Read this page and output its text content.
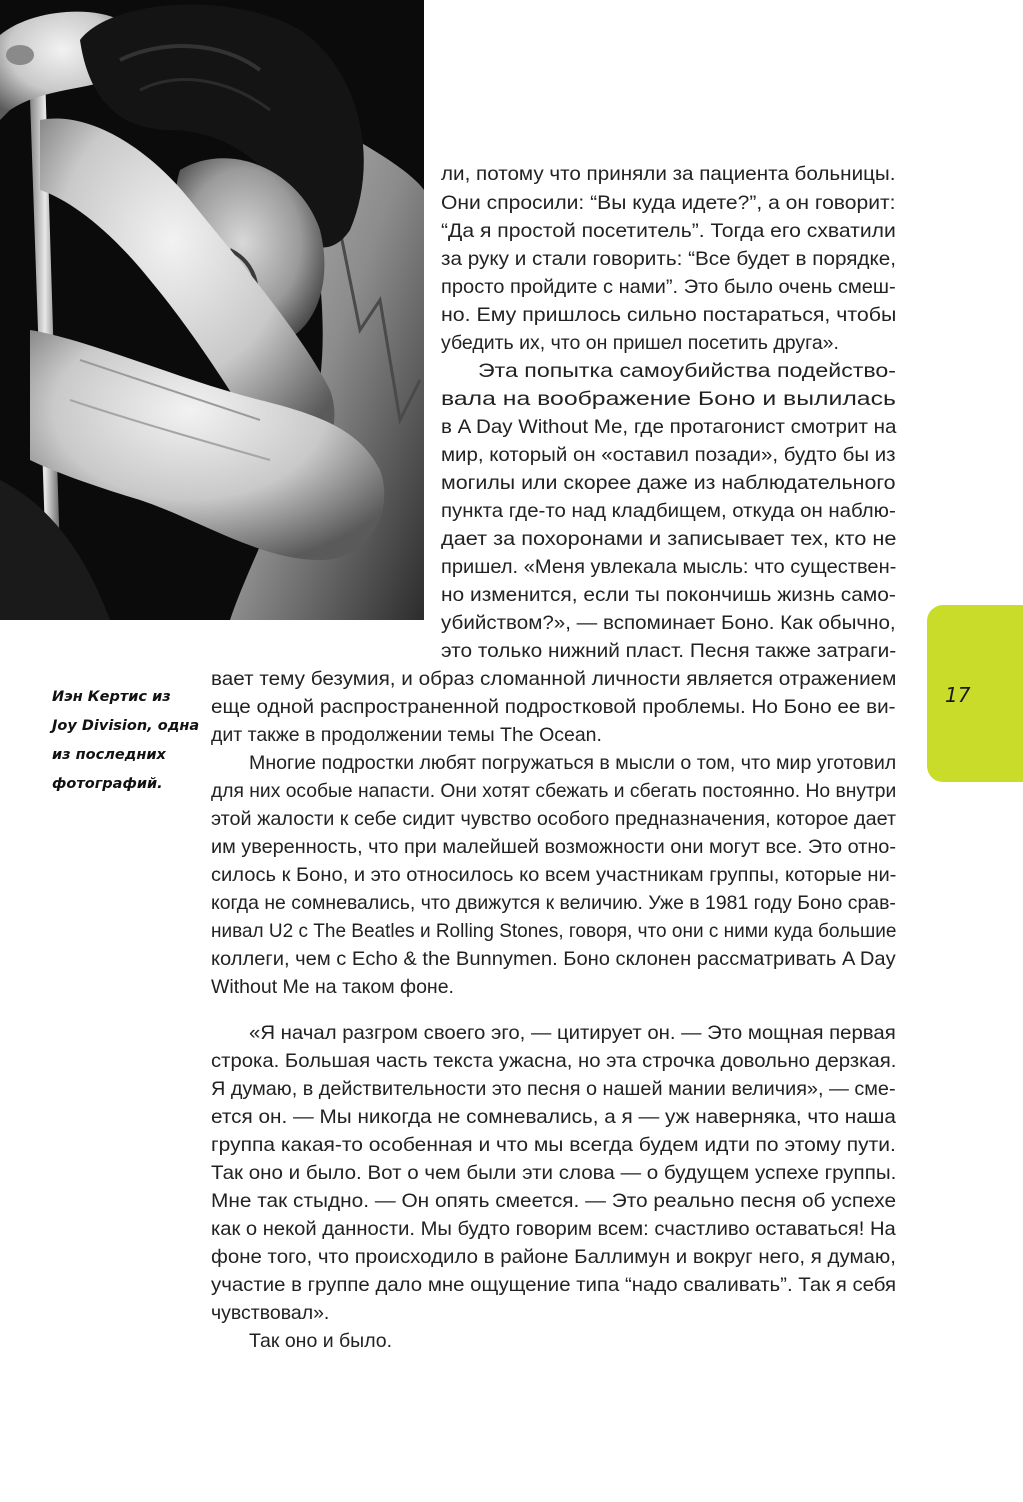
Иэн Кертис из
Joy Division, одна
из последних
фотографий.
17
ли, потому что приняли за пациента больницы.
Они спросили: “Вы куда идете?”, а он говорит:
“Да я простой посетитель”. Тогда его схватили
за руку и стали говорить: “Все будет в порядке,
просто пройдите с нами”. Это было очень смеш-
но. Ему пришлось сильно постараться, чтобы
убедить их, что он пришел посетить друга».
Эта попытка самоубийства подейство-
вала на воображение Боно и вылилась
в A Day Without Me, где протагонист смотрит на
мир, который он «оставил позади», будто бы из
могилы или скорее даже из наблюдательного
пункта где-то над кладбищем, откуда он наблю-
дает за похоронами и записывает тех, кто не
пришел. «Меня увлекала мысль: что существен-
но изменится, если ты покончишь жизнь само-
убийством?», — вспоминает Боно. Как обычно,
это только нижний пласт. Песня также затраги-
вает тему безумия, и образ сломанной личности является отражением
еще одной распространенной подростковой проблемы. Но Боно ее ви-
дит также в продолжении темы The Ocean.
Многие подростки любят погружаться в мысли о том, что мир уготовил
для них особые напасти. Они хотят сбежать и сбегать постоянно. Но внутри
этой жалости к себе сидит чувство особого предназначения, которое дает
им уверенность, что при малейшей возможности они могут все. Это отно-
силось к Боно, и это относилось ко всем участникам группы, которые ни-
когда не сомневались, что движутся к величию. Уже в 1981 году Боно срав-
нивал U2 с The Beatles и Rolling Stones, говоря, что они с ними куда большие
коллеги, чем с Echo & the Bunnymen. Боно склонен рассматривать A Day
Without Me на таком фоне.
«Я начал разгром своего эго, — цитирует он. — Это мощная первая
строка. Большая часть текста ужасна, но эта строчка довольно дерзкая.
Я думаю, в действительности это песня о нашей мании величия», — сме-
ется он. — Мы никогда не сомневались, а я — уж наверняка, что наша
группа какая-то особенная и что мы всегда будем идти по этому пути.
Так оно и было. Вот о чем были эти слова — о будущем успехе группы.
Мне так стыдно. — Он опять смеется. — Это реально песня об успехе
как о некой данности. Мы будто говорим всем: счастливо оставаться! На
фоне того, что происходило в районе Баллимун и вокруг него, я думаю,
участие в группе дало мне ощущение типа “надо сваливать”. Так я себя
чувствовал».
Так оно и было.
